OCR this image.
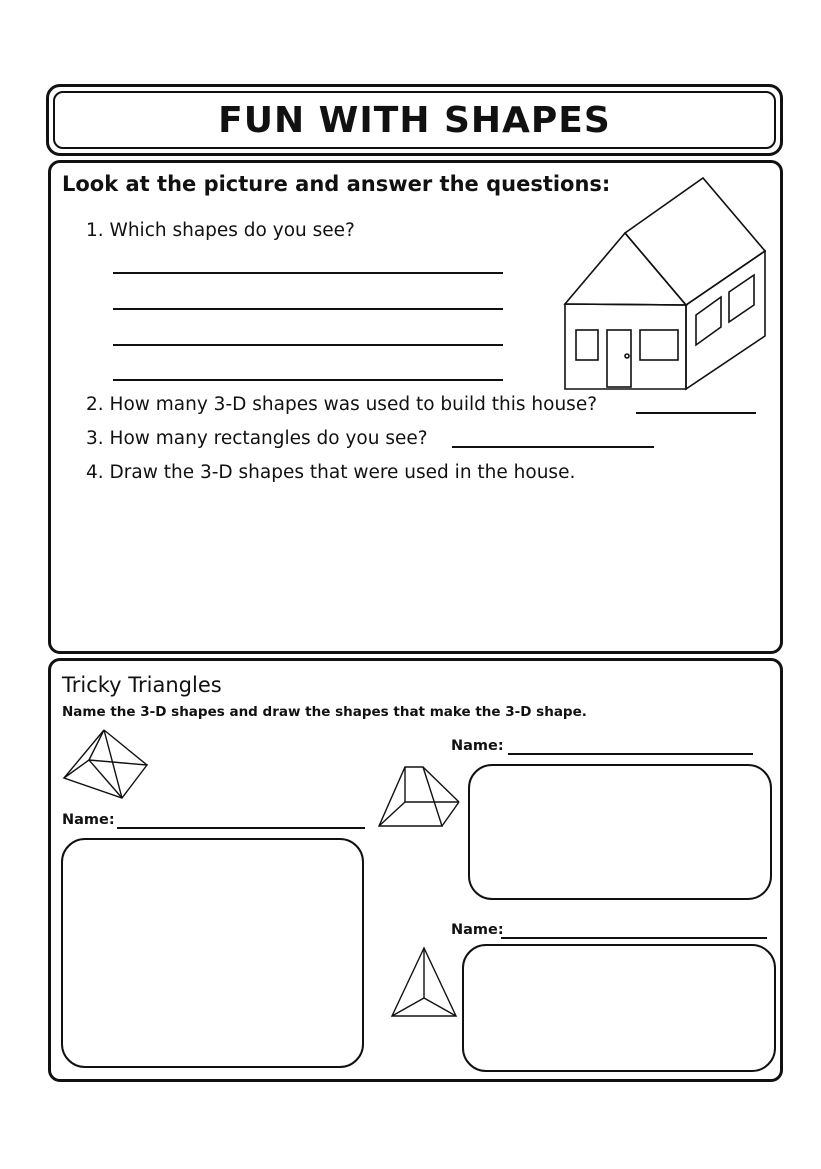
FUN WITH SHAPES
Look at the picture and answer the questions:
1. Which shapes do you see?
2. How many 3-D shapes was used to build this house?
3. How many rectangles do you see?
4. Draw the 3-D shapes that were used in the house.
Tricky Triangles
Name the 3-D shapes and draw the shapes that make the 3-D shape.
Name:
Name:
Name:
